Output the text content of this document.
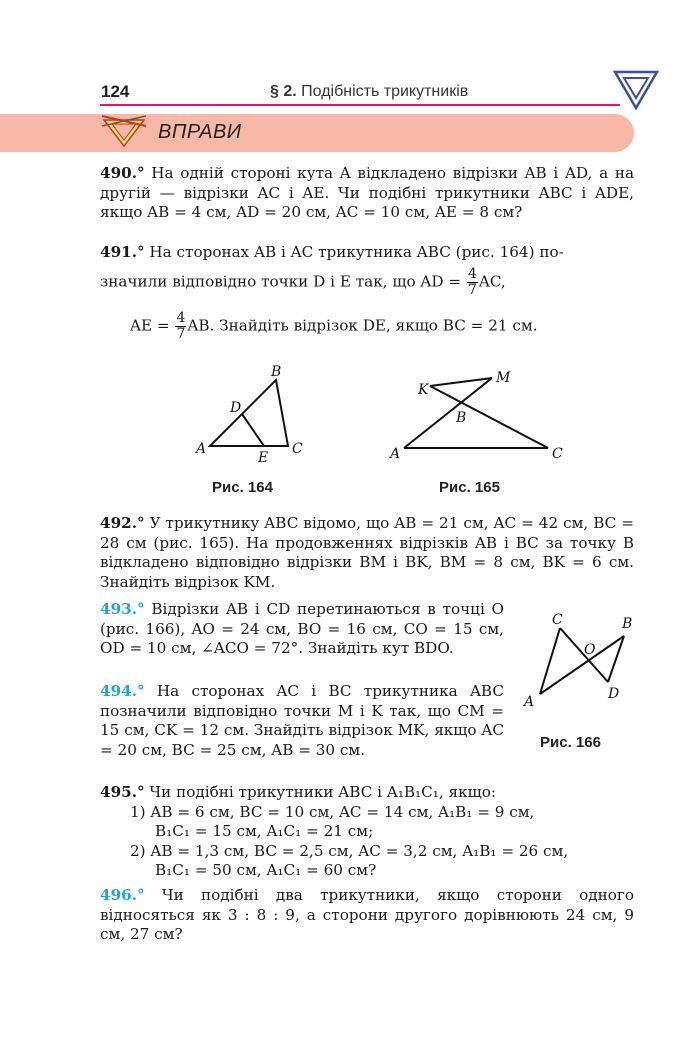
124	§ 2. Подібність трикутників
ВПРАВИ
490.° На одній стороні кута A відкладено відрізки AB і AD, а на другій — відрізки AC і AE. Чи подібні трикутники ABC і ADE, якщо AB = 4 см, AD = 20 см, AC = 10 см, AE = 8 см?
491.° На сторонах AB і AC трикутника ABC (рис. 164) по-
значили відповідно точки D і E так, що AD = $\frac{4}{7}$ AC,
AE = $\frac{4}{7}$ AB. Знайдіть відрізок DE, якщо BC = 21 см.
B
D
A
E
C
Рис. 164
M
K
B
A	C
Рис. 165
492.° У трикутнику ABC відомо, що AB = 21 см, AC = 42 см, BC = 28 см (рис. 165). На продовженнях відрізків AB і BC за точку B відкладено відповідно відрізки BM і BK, BM = 8 см, BK = 6 см. Знайдіть відрізок KM.
493.° Відрізки AB і CD перетинаються в точці O (рис. 166), AO = 24 см, BO = 16 см, CO = 15 см, OD = 10 см, ∠ACO = 72°. Знайдіть кут BDO.
C	B
O
D
A
Рис. 166
494.° На сторонах AC і BC трикутника ABC позначили відповідно точки M і K так, що CM = 15 см, CK = 12 см. Знайдіть відрізок MK, якщо AC = 20 см, BC = 25 см, AB = 30 см.
495.° Чи подібні трикутники ABC і A₁B₁C₁, якщо:
1) AB = 6 см, BC = 10 см, AC = 14 см, A₁B₁ = 9 см,
B₁C₁ = 15 см, A₁C₁ = 21 см;
2) AB = 1,3 см, BC = 2,5 см, AC = 3,2 см, A₁B₁ = 26 см,
B₁C₁ = 50 см, A₁C₁ = 60 см?
496.° Чи подібні два трикутники, якщо сторони одного відносяться як 3 : 8 : 9, а сторони другого дорівнюють 24 см, 9 см, 27 см?
